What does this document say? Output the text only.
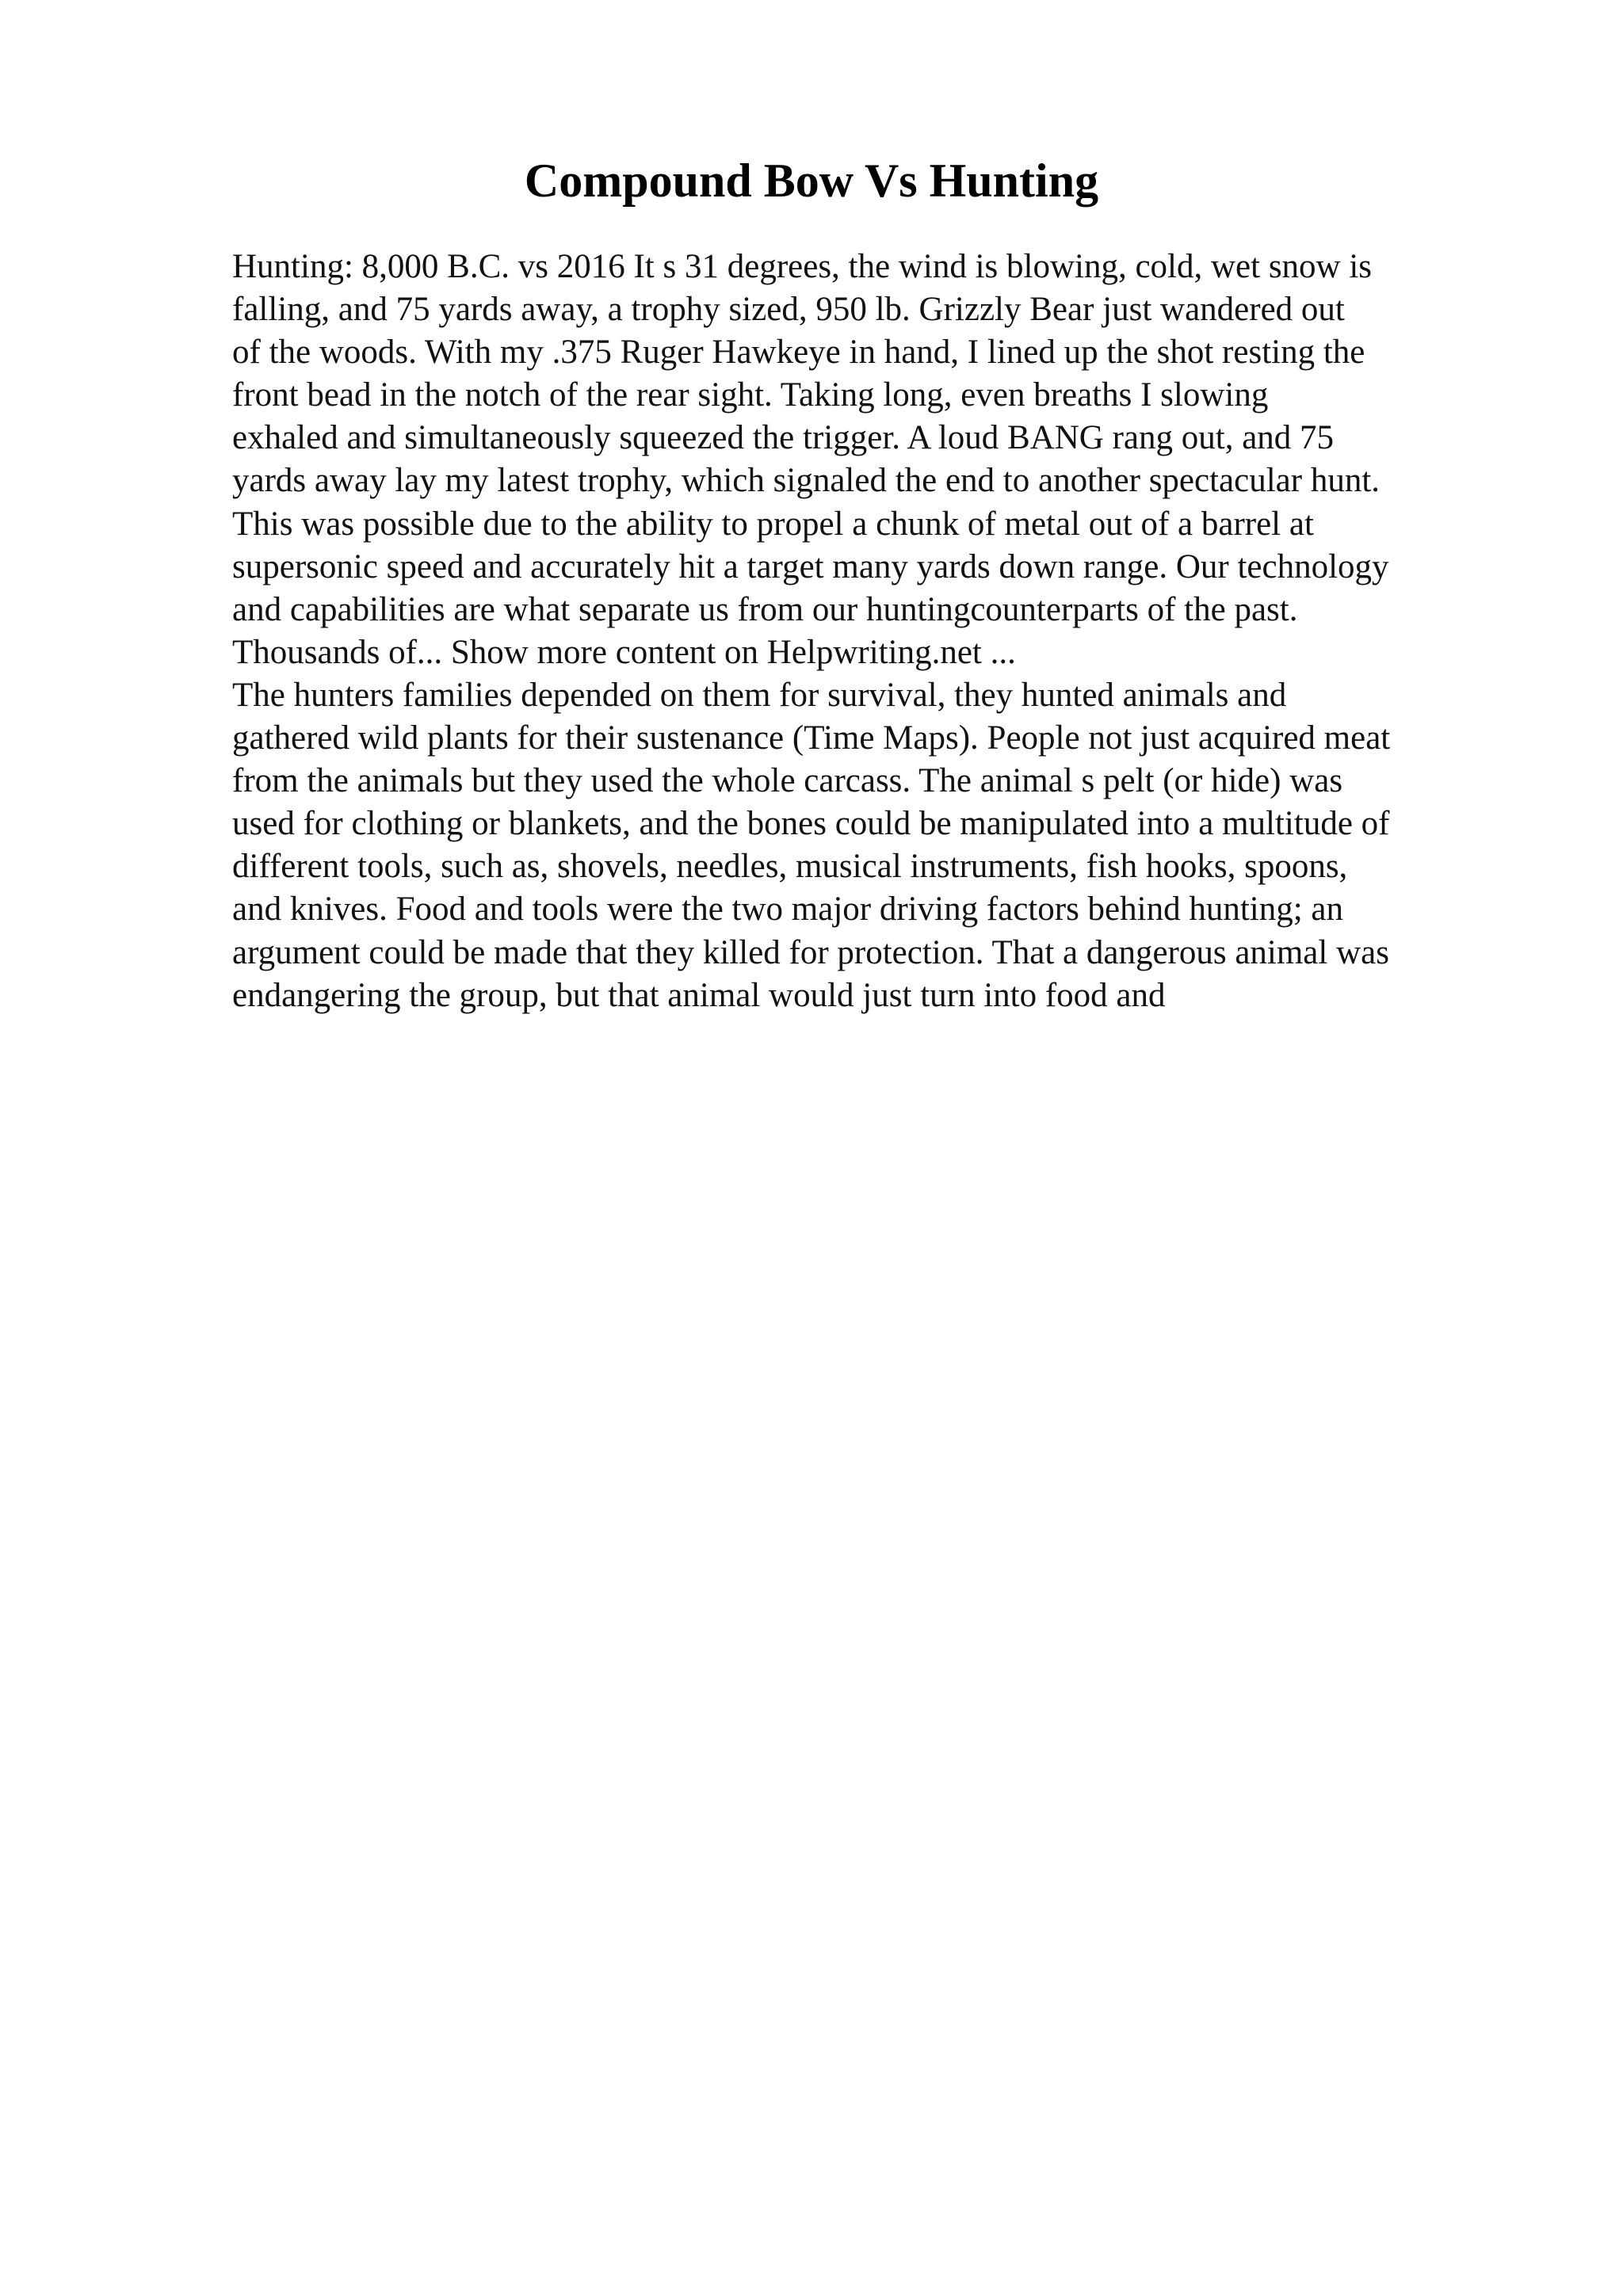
Compound Bow Vs Hunting
Hunting: 8,000 B.C. vs 2016 It s 31 degrees, the wind is blowing, cold, wet snow is
falling, and 75 yards away, a trophy sized, 950 lb. Grizzly Bear just wandered out
of the woods. With my .375 Ruger Hawkeye in hand, I lined up the shot resting the
front bead in the notch of the rear sight. Taking long, even breaths I slowing
exhaled and simultaneously squeezed the trigger. A loud BANG rang out, and 75
yards away lay my latest trophy, which signaled the end to another spectacular hunt.
This was possible due to the ability to propel a chunk of metal out of a barrel at
supersonic speed and accurately hit a target many yards down range. Our technology
and capabilities are what separate us from our huntingcounterparts of the past.
Thousands of... Show more content on Helpwriting.net ...
The hunters families depended on them for survival, they hunted animals and
gathered wild plants for their sustenance (Time Maps). People not just acquired meat
from the animals but they used the whole carcass. The animal s pelt (or hide) was
used for clothing or blankets, and the bones could be manipulated into a multitude of
different tools, such as, shovels, needles, musical instruments, fish hooks, spoons,
and knives. Food and tools were the two major driving factors behind hunting; an
argument could be made that they killed for protection. That a dangerous animal was
endangering the group, but that animal would just turn into food and
